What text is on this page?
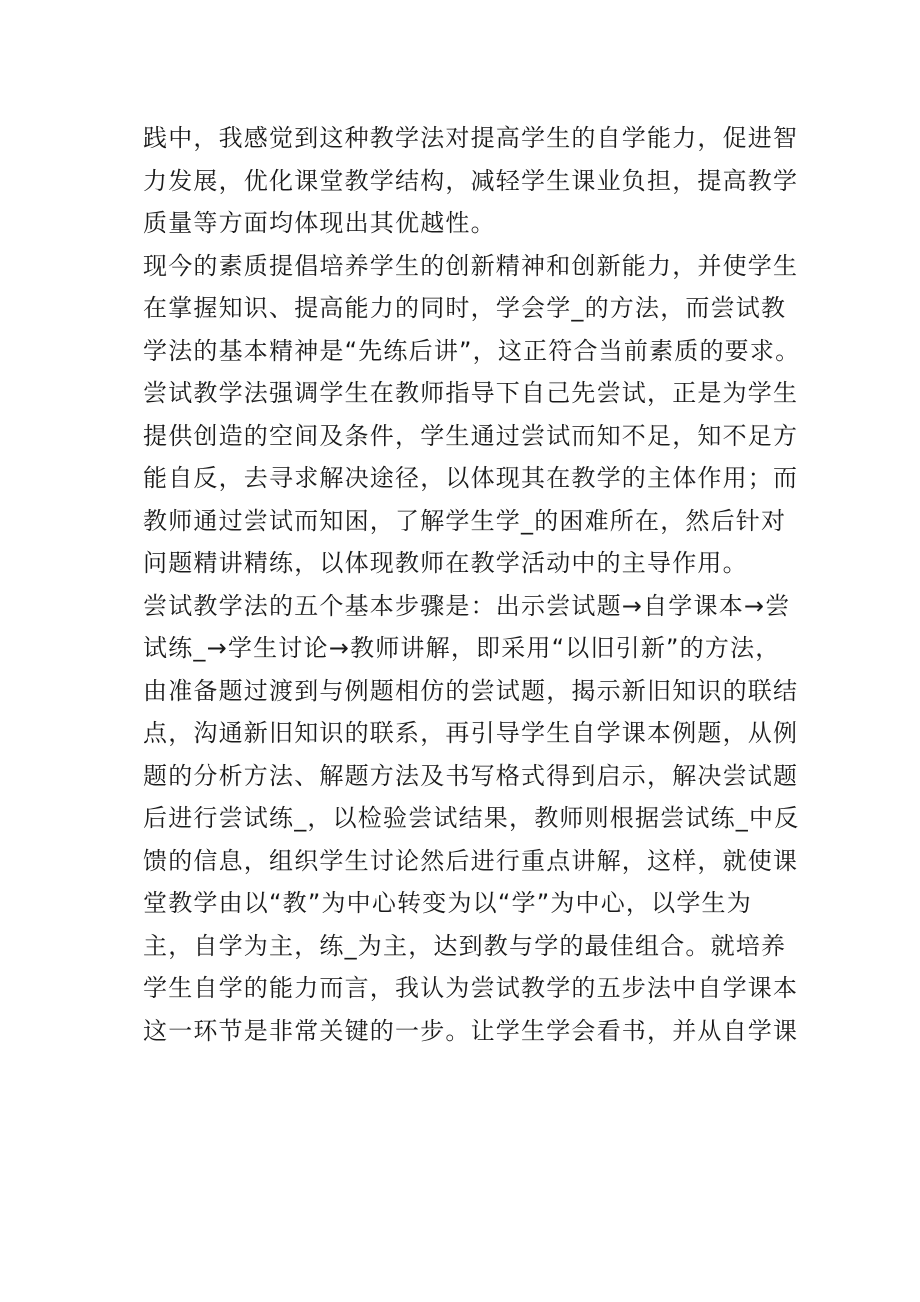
践中，我感觉到这种教学法对提高学生的自学能力，促进智
力发展，优化课堂教学结构，减轻学生课业负担，提高教学
质量等方面均体现出其优越性。
现今的素质提倡培养学生的创新精神和创新能力，并使学生
在掌握知识、提高能力的同时，学会学_的方法，而尝试教
学法的基本精神是“先练后讲”，这正符合当前素质的要求。
尝试教学法强调学生在教师指导下自己先尝试，正是为学生
提供创造的空间及条件，学生通过尝试而知不足，知不足方
能自反，去寻求解决途径，以体现其在教学的主体作用；而
教师通过尝试而知困，了解学生学_的困难所在，然后针对
问题精讲精练，以体现教师在教学活动中的主导作用。
尝试教学法的五个基本步骤是：出示尝试题→自学课本→尝
试练_→学生讨论→教师讲解，即采用“以旧引新”的方法，
由准备题过渡到与例题相仿的尝试题，揭示新旧知识的联结
点，沟通新旧知识的联系，再引导学生自学课本例题，从例
题的分析方法、解题方法及书写格式得到启示，解决尝试题
后进行尝试练_，以检验尝试结果，教师则根据尝试练_中反
馈的信息，组织学生讨论然后进行重点讲解，这样，就使课
堂教学由以“教”为中心转变为以“学”为中心，以学生为
主，自学为主，练_为主，达到教与学的最佳组合。就培养
学生自学的能力而言，我认为尝试教学的五步法中自学课本
这一环节是非常关键的一步。让学生学会看书，并从自学课
